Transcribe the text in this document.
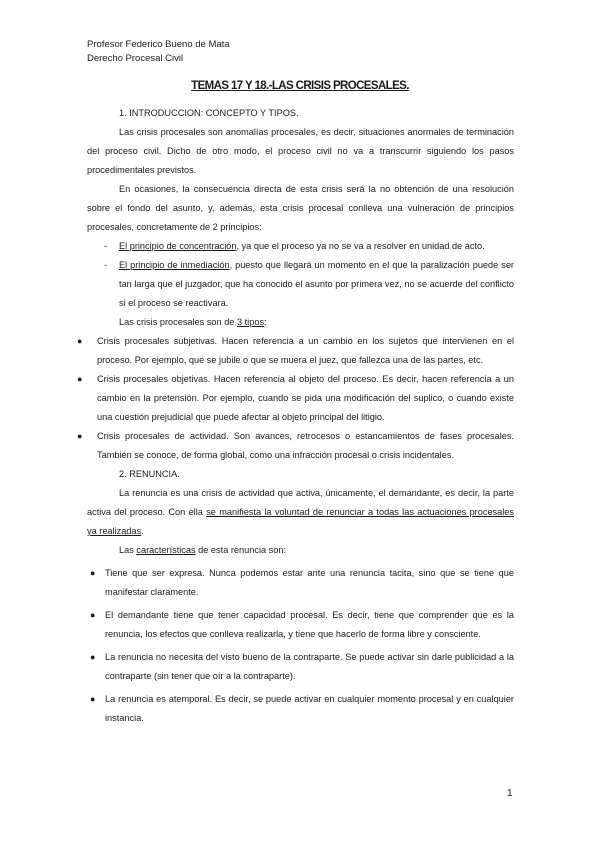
Profesor Federico Bueno de Mata
Derecho Procesal Civil
TEMAS 17 Y 18.-LAS CRISIS PROCESALES.

1. INTRODUCCION: CONCEPTO Y TIPOS.

Las crisis procesales son anomalías procesales, es decir, situaciones anormales de terminación del proceso civil. Dicho de otro modo, el proceso civil no va a transcurrir siguiendo los pasos procedimentales previstos.

En ocasiones, la consecuencia directa de esta crisis será la no obtención de una resolución sobre el fondo del asunto, y, además, esta crisis procesal conlleva una vulneración de principios procesales, concretamente de 2 principios:

- El principio de concentración, ya que el proceso ya no se va a resolver en unidad de acto.
- El principio de inmediación, puesto que llegará un momento en el que la paralización puede ser tan larga que el juzgador, que ha conocido el asunto por primera vez, no se acuerde del conflicto si el proceso se reactivara.

Las crisis procesales son de 3 tipos:

● Crisis procesales subjetivas. Hacen referencia a un cambio en los sujetos que intervienen en el proceso. Por ejemplo, que se jubile o que se muera el juez, que fallezca una de las partes, etc.
● Crisis procesales objetivas. Hacen referencia al objeto del proceso. Es decir, hacen referencia a un cambio en la pretensión. Por ejemplo, cuando se pida una modificación del suplico, o cuando existe una cuestión prejudicial que puede afectar al objeto principal del litigio.
● Crisis procesales de actividad. Son avances, retrocesos o estancamientos de fases procesales. También se conoce, de forma global, como una infracción procesal o crisis incidentales.

2. RENUNCIA.

La renuncia es una crisis de actividad que activa, únicamente, el demandante, es decir, la parte activa del proceso. Con ella se manifiesta la voluntad de renunciar a todas las actuaciones procesales ya realizadas.

Las características de esta renuncia son:

● Tiene que ser expresa. Nunca podemos estar ante una renuncia tacita, sino que se tiene que manifestar claramente.
● El demandante tiene que tener capacidad procesal. Es decir, tiene que comprender que es la renuncia, los efectos que conlleva realizarla, y tiene que hacerlo de forma libre y consciente.
● La renuncia no necesita del visto bueno de la contraparte. Se puede activar sin darle publicidad a la contraparte (sin tener que oír a la contraparte).
● La renuncia es atemporal. Es decir, se puede activar en cualquier momento procesal y en cualquier instancia.
1
